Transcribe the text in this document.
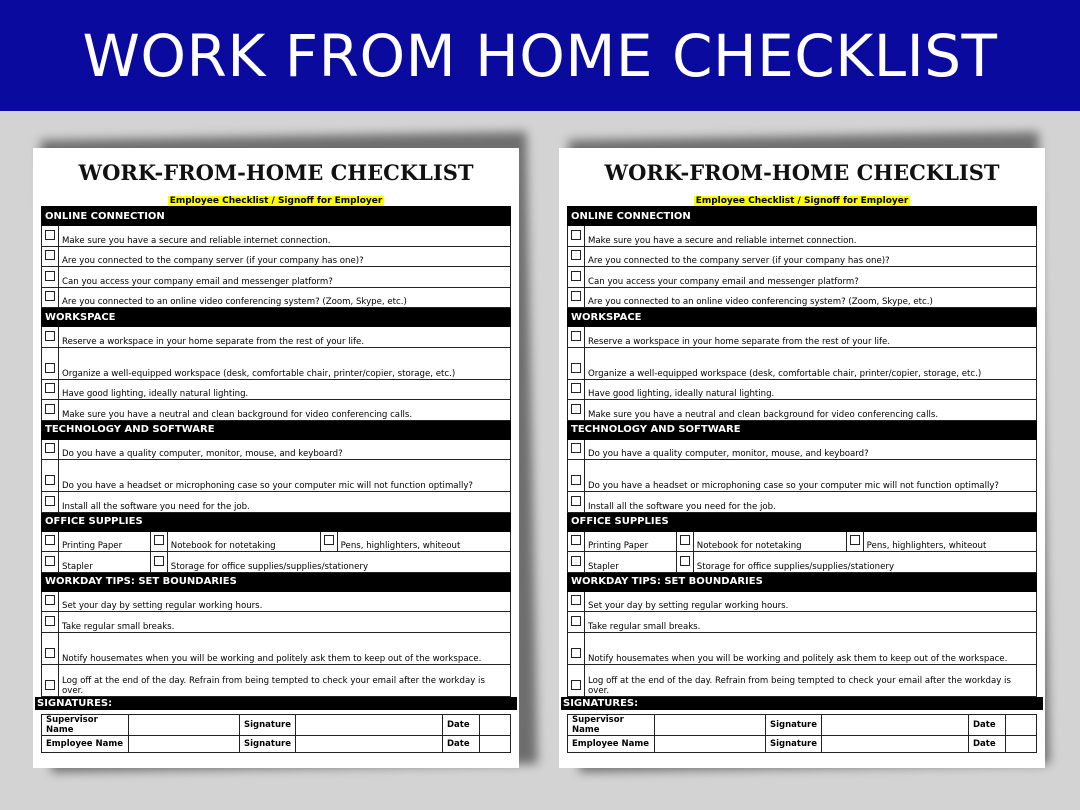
WORK FROM HOME CHECKLIST
WORK-FROM-HOME CHECKLIST
Employee Checklist / Signoff for Employer
ONLINE CONNECTION					
	Make sure you have a secure and reliable internet connection.				
	Are you connected to the company server (if your company has one)?				
	Can you access your company email and messenger platform?				
	Are you connected to an online video conferencing system? (Zoom, Skype, etc.)				
WORKSPACE					
	Reserve a workspace in your home separate from the rest of your life.				
	Organize a well-equipped workspace (desk, comfortable chair, printer/copier, storage, etc.)				
	Have good lighting, ideally natural lighting.				
	Make sure you have a neutral and clean background for video conferencing calls.				
TECHNOLOGY AND SOFTWARE					
	Do you have a quality computer, monitor, mouse, and keyboard?				
	Do you have a headset or microphoning case so your computer mic will not function optimally?				
	Install all the software you need for the job.				
OFFICE SUPPLIES					
	Printing Paper		Notebook for notetaking		Pens, highlighters, whiteout
	Stapler		Storage for office supplies/supplies/stationery		
WORKDAY TIPS: SET BOUNDARIES					
	Set your day by setting regular working hours.				
	Take regular small breaks.				
	Notify housemates when you will be working and politely ask them to keep out of the workspace.				
	Log off at the end of the day. Refrain from being tempted to check your email after the workday is over.				
SIGNATURES:
Supervisor Name		Signature		Date	
Employee Name		Signature		Date	
WORK-FROM-HOME CHECKLIST
Employee Checklist / Signoff for Employer
ONLINE CONNECTION					
	Make sure you have a secure and reliable internet connection.				
	Are you connected to the company server (if your company has one)?				
	Can you access your company email and messenger platform?				
	Are you connected to an online video conferencing system? (Zoom, Skype, etc.)				
WORKSPACE					
	Reserve a workspace in your home separate from the rest of your life.				
	Organize a well-equipped workspace (desk, comfortable chair, printer/copier, storage, etc.)				
	Have good lighting, ideally natural lighting.				
	Make sure you have a neutral and clean background for video conferencing calls.				
TECHNOLOGY AND SOFTWARE					
	Do you have a quality computer, monitor, mouse, and keyboard?				
	Do you have a headset or microphoning case so your computer mic will not function optimally?				
	Install all the software you need for the job.				
OFFICE SUPPLIES					
	Printing Paper		Notebook for notetaking		Pens, highlighters, whiteout
	Stapler		Storage for office supplies/supplies/stationery		
WORKDAY TIPS: SET BOUNDARIES					
	Set your day by setting regular working hours.				
	Take regular small breaks.				
	Notify housemates when you will be working and politely ask them to keep out of the workspace.				
	Log off at the end of the day. Refrain from being tempted to check your email after the workday is over.				
SIGNATURES:
Supervisor Name		Signature		Date	
Employee Name		Signature		Date	
